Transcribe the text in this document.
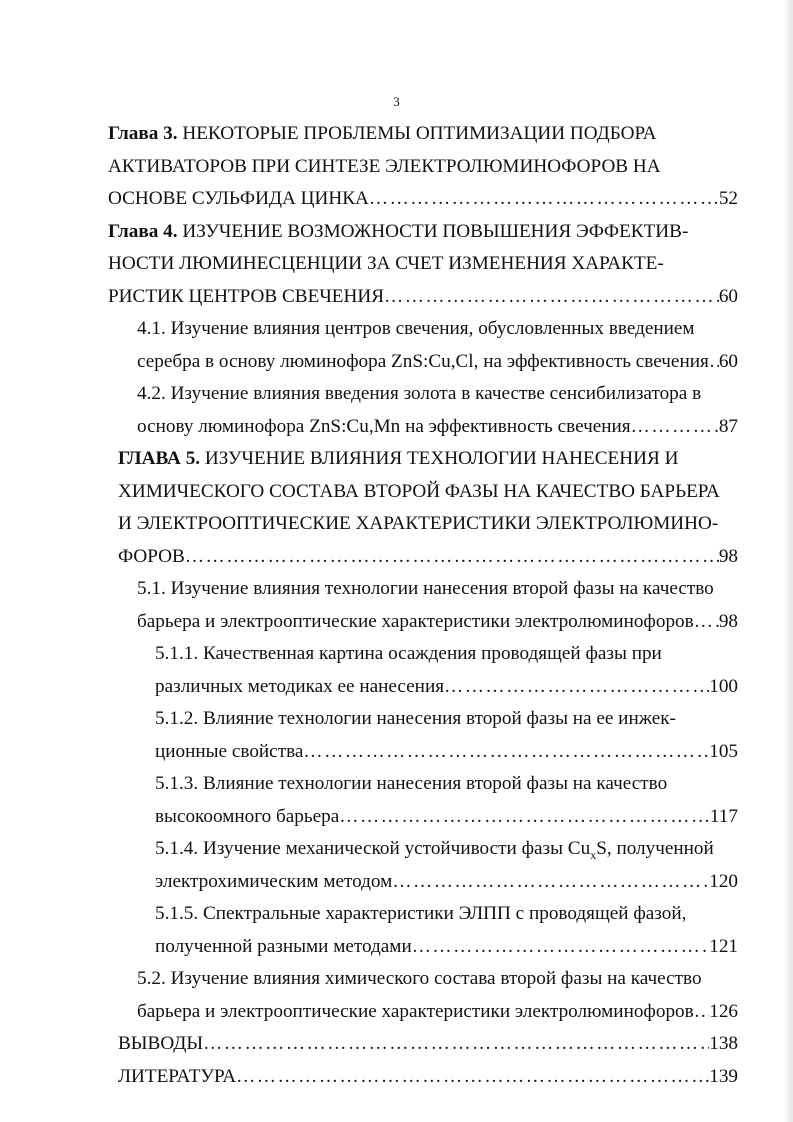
3
Глава 3. НЕКОТОРЫЕ ПРОБЛЕМЫ ОПТИМИЗАЦИИ ПОДБОРА
АКТИВАТОРОВ ПРИ СИНТЕЗЕ ЭЛЕКТРОЛЮМИНОФОРОВ НА
ОСНОВЕ СУЛЬФИДА ЦИНКА ……………………………………………………………………………………………………………………………………………………………………………	52
Глава 4. ИЗУЧЕНИЕ ВОЗМОЖНОСТИ ПОВЫШЕНИЯ ЭФФЕКТИВ-
НОСТИ ЛЮМИНЕСЦЕНЦИИ ЗА СЧЕТ ИЗМЕНЕНИЯ ХАРАКТЕ-
РИСТИК ЦЕНТРОВ СВЕЧЕНИЯ ……………………………………………………………………………………………………………………………………………………………………………	60
4.1. Изучение влияния центров свечения, обусловленных введением
серебра в основу люминофора ZnS:Cu,Cl, на эффективность свечения …………………………………………………………………………………………………………………………………………………………………………… 60
4.2. Изучение влияния введения золота в качестве сенсибилизатора в
основу люминофора ZnS:Cu,Mn на эффективность свечения ……………………………………………………………………………………………………………………………………………………………………………	87
ГЛАВА 5. ИЗУЧЕНИЕ ВЛИЯНИЯ ТЕХНОЛОГИИ НАНЕСЕНИЯ И
ХИМИЧЕСКОГО СОСТАВА ВТОРОЙ ФАЗЫ НА КАЧЕСТВО БАРЬЕРА
И ЭЛЕКТРООПТИЧЕСКИЕ ХАРАКТЕРИСТИКИ ЭЛЕКТРОЛЮМИНО-
ФОРОВ ……………………………………………………………………………………………………………………………………………………………………………	98
5.1. Изучение влияния технологии нанесения второй фазы на качество
барьера и электрооптические характеристики электролюминофоров …………………………………………………………………………………………………………………………………………………………………………… 98
5.1.1. Качественная картина осаждения проводящей фазы при
различных методиках ее нанесения ……………………………………………………………………………………………………………………………………………………………………………	100
5.1.2. Влияние технологии нанесения второй фазы на ее инжек-
ционные свойства ……………………………………………………………………………………………………………………………………………………………………………	105
5.1.3. Влияние технологии нанесения второй фазы на качество
высокоомного барьера ……………………………………………………………………………………………………………………………………………………………………………	117
5.1.4. Изучение механической устойчивости фазы $Cu_xS$, полученной
электрохимическим методом ……………………………………………………………………………………………………………………………………………………………………………	120
5.1.5. Спектральные характеристики ЭЛПП с проводящей фазой,
полученной разными методами ……………………………………………………………………………………………………………………………………………………………………………	121
5.2. Изучение влияния химического состава второй фазы на качество
барьера и электрооптические характеристики электролюминофоров …………………………………………………………………………………………………………………………………………………………………………… 126
ВЫВОДЫ ……………………………………………………………………………………………………………………………………………………………………………	138
ЛИТЕРАТУРА ……………………………………………………………………………………………………………………………………………………………………………	139
